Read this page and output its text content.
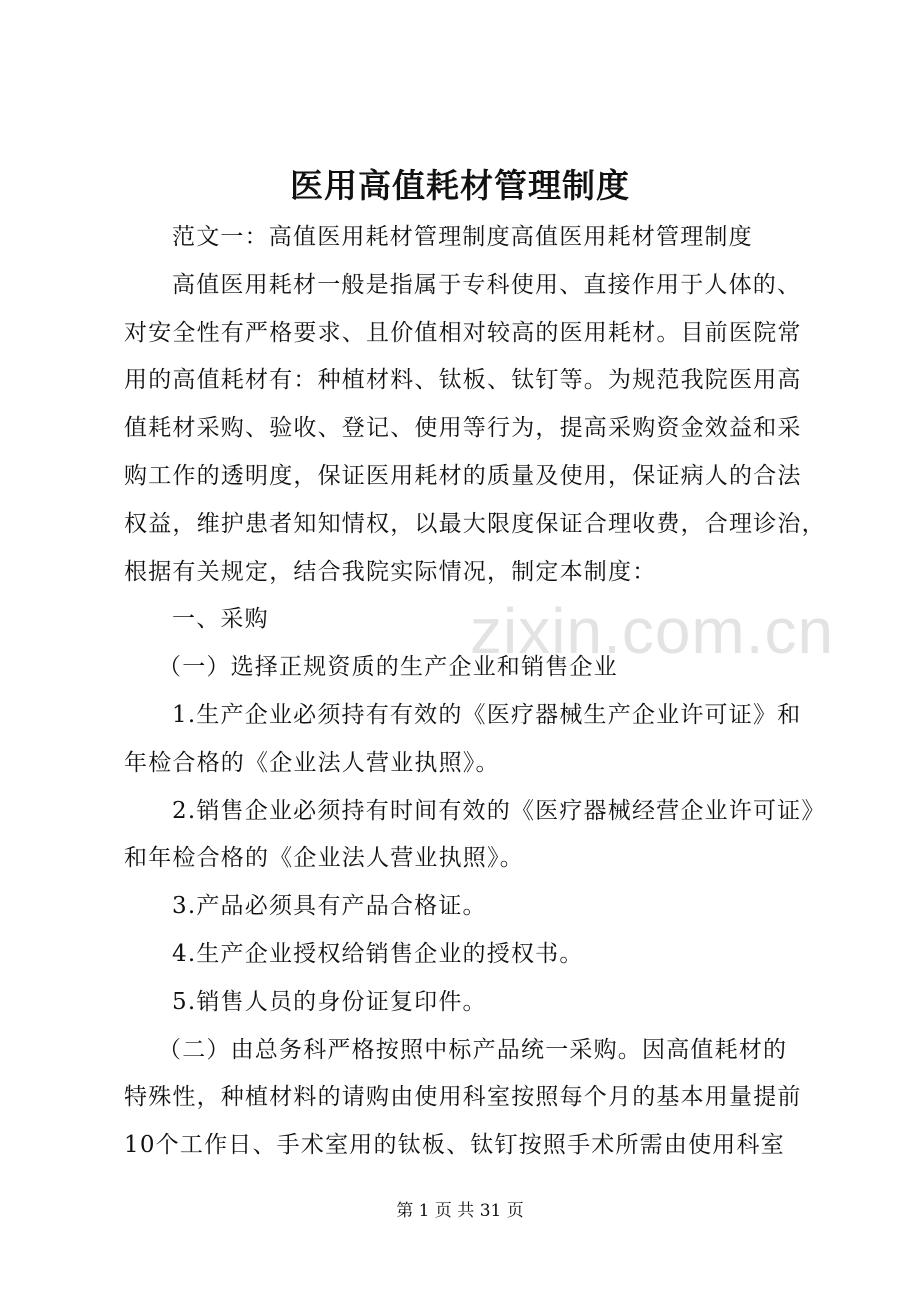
医用高值耗材管理制度
zixin.com.cn
范文一：高值医用耗材管理制度高值医用耗材管理制度
高值医用耗材一般是指属于专科使用、直接作用于人体的、
对安全性有严格要求、且价值相对较高的医用耗材。目前医院常
用的高值耗材有：种植材料、钛板、钛钉等。为规范我院医用高
值耗材采购、验收、登记、使用等行为，提高采购资金效益和采
购工作的透明度，保证医用耗材的质量及使用，保证病人的合法
权益，维护患者知知情权，以最大限度保证合理收费，合理诊治，
根据有关规定，结合我院实际情况，制定本制度：
一、采购
（一）选择正规资质的生产企业和销售企业
1.生产企业必须持有有效的《医疗器械生产企业许可证》和
年检合格的《企业法人营业执照》。
2.销售企业必须持有时间有效的《医疗器械经营企业许可证》
和年检合格的《企业法人营业执照》。
3.产品必须具有产品合格证。
4.生产企业授权给销售企业的授权书。
5.销售人员的身份证复印件。
（二）由总务科严格按照中标产品统一采购。因高值耗材的
特殊性，种植材料的请购由使用科室按照每个月的基本用量提前
10个工作日、手术室用的钛板、钛钉按照手术所需由使用科室
第 1 页 共 31 页
